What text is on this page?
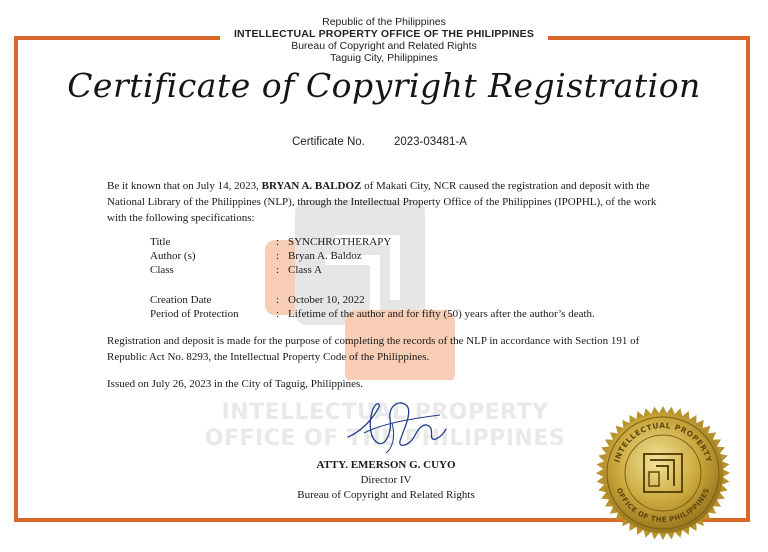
Republic of the Philippines
INTELLECTUAL PROPERTY OFFICE OF THE PHILIPPINES
Bureau of Copyright and Related Rights
Taguig City, Philippines
Certificate of Copyright Registration
Certificate No.	2023-03481-A
Be it known that on July 14, 2023, BRYAN A. BALDOZ of Makati City, NCR caused the registration and deposit with the National Library of the Philippines (NLP), through the Intellectual Property Office of the Philippines (IPOPHL), of the work with the following specifications:
Title	: SYNCHROTHERAPY
Author (s)	: Bryan A. Baldoz
Class	: Class A
Creation Date	: October 10, 2022
Period of Protection	: Lifetime of the author and for fifty (50) years after the author’s death.
Registration and deposit is made for the purpose of completing the records of the NLP in accordance with Section 191 of Republic Act No. 8293, the Intellectual Property Code of the Philippines.
Issued on July 26, 2023 in the City of Taguig, Philippines.
INTELLECTUAL PROPERTY
OFFICE OF THE PHILIPPINES
ATTY. EMERSON G. CUYO
Director IV
Bureau of Copyright and Related Rights
INTELLECTUAL PROPERTY
OFFICE OF THE PHILIPPINES
